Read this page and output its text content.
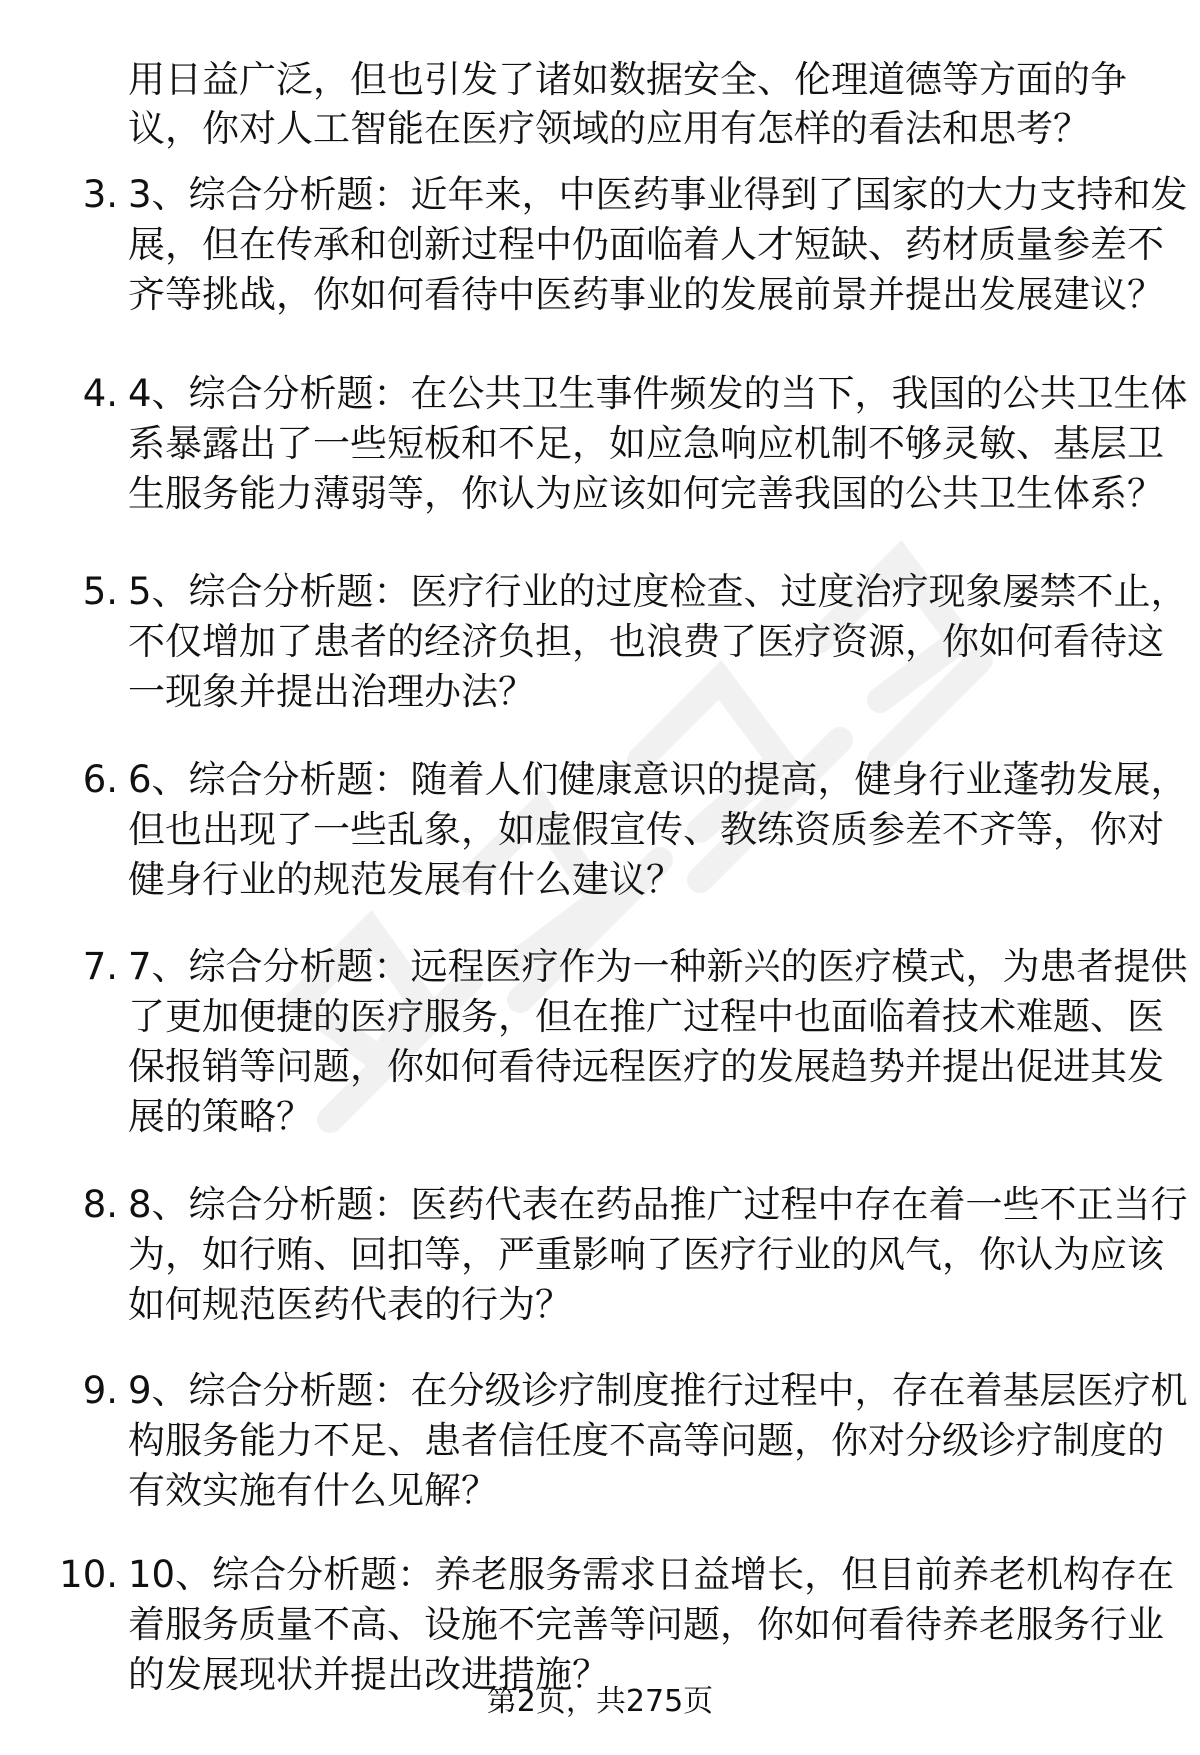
用日益广泛，但也引发了诸如数据安全、伦理道德等方面的争
议，你对人工智能在医疗领域的应用有怎样的看法和思考？
3. 3、综合分析题：近年来，中医药事业得到了国家的大力支持和发
展，但在传承和创新过程中仍面临着人才短缺、药材质量参差不
齐等挑战，你如何看待中医药事业的发展前景并提出发展建议？
4. 4、综合分析题：在公共卫生事件频发的当下，我国的公共卫生体
系暴露出了一些短板和不足，如应急响应机制不够灵敏、基层卫
生服务能力薄弱等，你认为应该如何完善我国的公共卫生体系？
5. 5、综合分析题：医疗行业的过度检查、过度治疗现象屡禁不止，
不仅增加了患者的经济负担，也浪费了医疗资源，你如何看待这
一现象并提出治理办法？
6. 6、综合分析题：随着人们健康意识的提高，健身行业蓬勃发展，
但也出现了一些乱象，如虚假宣传、教练资质参差不齐等，你对
健身行业的规范发展有什么建议？
7. 7、综合分析题：远程医疗作为一种新兴的医疗模式，为患者提供
了更加便捷的医疗服务，但在推广过程中也面临着技术难题、医
保报销等问题，你如何看待远程医疗的发展趋势并提出促进其发
展的策略？
8. 8、综合分析题：医药代表在药品推广过程中存在着一些不正当行
为，如行贿、回扣等，严重影响了医疗行业的风气，你认为应该
如何规范医药代表的行为？
9. 9、综合分析题：在分级诊疗制度推行过程中，存在着基层医疗机
构服务能力不足、患者信任度不高等问题，你对分级诊疗制度的
有效实施有什么见解？
10. 10、综合分析题：养老服务需求日益增长，但目前养老机构存在
着服务质量不高、设施不完善等问题，你如何看待养老服务行业
的发展现状并提出改进措施？
第2页，共275页
